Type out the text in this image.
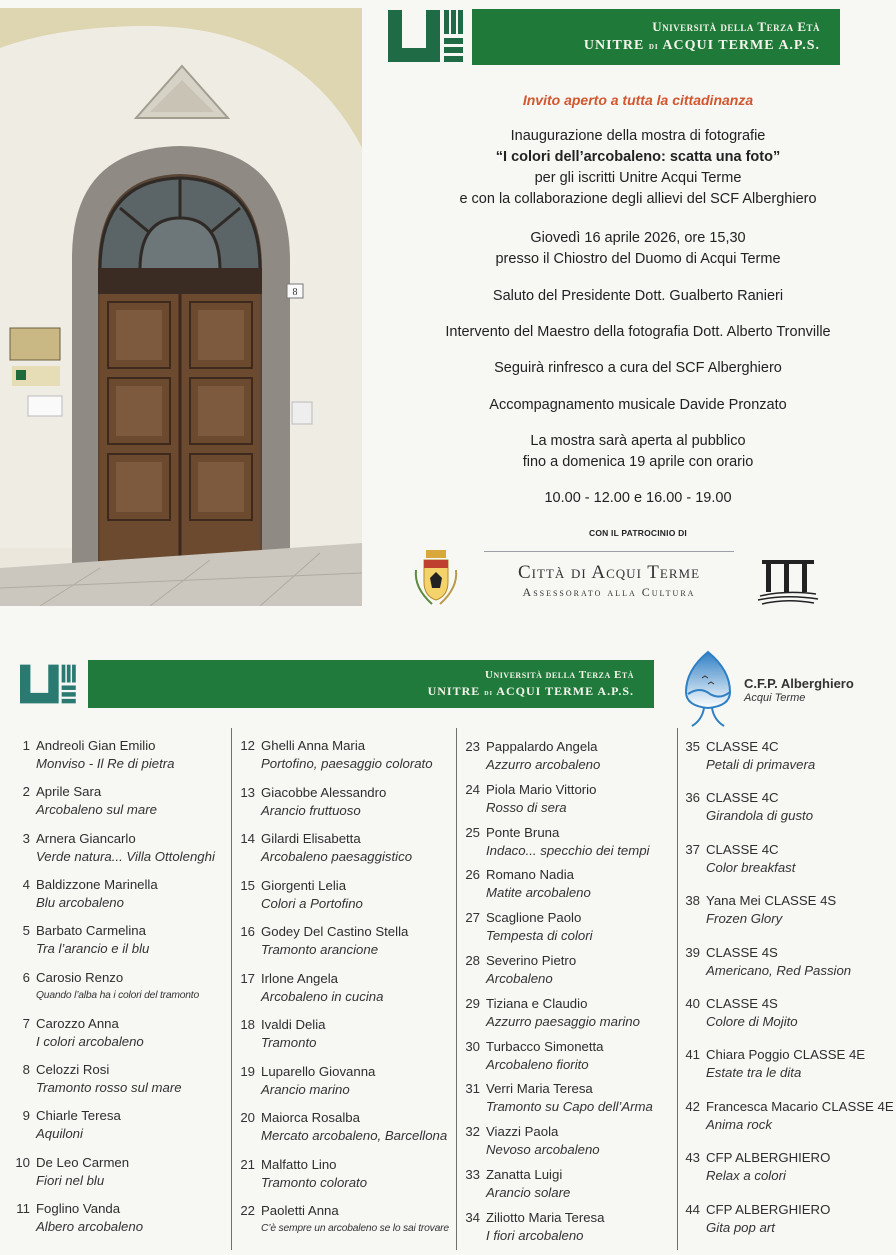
8
Università della Terza Età
UNITRE di ACQUI TERME A.P.S.
Invito aperto a tutta la cittadinanza
Inaugurazione della mostra di fotografie
“I colori dell’arcobaleno: scatta una foto”
per gli iscritti Unitre Acqui Terme
e con la collaborazione degli allievi del SCF Alberghiero
Giovedì 16 aprile 2026, ore 15,30
presso il Chiostro del Duomo di Acqui Terme
Saluto del Presidente Dott. Gualberto Ranieri
Intervento del Maestro della fotografia Dott. Alberto Tronville
Seguirà rinfresco a cura del SCF Alberghiero
Accompagnamento musicale Davide Pronzato
La mostra sarà aperta al pubblico
fino a domenica 19 aprile con orario
10.00 - 12.00 e 16.00 - 19.00
CON IL PATROCINIO DI
Città di Acqui Terme
Assessorato alla Cultura
Università della Terza Età
UNITRE di ACQUI TERME A.P.S.	C.F.P. Alberghiero
Acqui Terme
1 Andreoli Gian Emilio
Monviso - Il Re di pietra
2 Aprile Sara
Arcobaleno sul mare
3 Arnera Giancarlo
Verde natura... Villa Ottolenghi
4 Baldizzone Marinella
Blu arcobaleno
5 Barbato Carmelina
Tra l’arancio e il blu
6 Carosio Renzo
Quando l’alba ha i colori del tramonto
7 Carozzo Anna
I colori arcobaleno
8 Celozzi Rosi
Tramonto rosso sul mare
9 Chiarle Teresa
Aquiloni
10 De Leo Carmen
Fiori nel blu
11 Foglino Vanda
Albero arcobaleno
12 Ghelli Anna Maria
Portofino, paesaggio colorato
13 Giacobbe Alessandro
Arancio fruttuoso
14 Gilardi Elisabetta
Arcobaleno paesaggistico
15 Giorgenti Lelia
Colori a Portofino
16 Godey Del Castino Stella
Tramonto arancione
17 Irlone Angela
Arcobaleno in cucina
18 Ivaldi Delia
Tramonto
19 Luparello Giovanna
Arancio marino
20 Maiorca Rosalba
Mercato arcobaleno, Barcellona
21 Malfatto Lino
Tramonto colorato
22 Paoletti Anna
C’è sempre un arcobaleno se lo sai trovare
23 Pappalardo Angela
Azzurro arcobaleno
24 Piola Mario Vittorio
Rosso di sera
25 Ponte Bruna
Indaco... specchio dei tempi
26 Romano Nadia
Matite arcobaleno
27 Scaglione Paolo
Tempesta di colori
28 Severino Pietro
Arcobaleno
29 Tiziana e Claudio
Azzurro paesaggio marino
30 Turbacco Simonetta
Arcobaleno fiorito
31 Verri Maria Teresa
Tramonto su Capo dell’Arma
32 Viazzi Paola
Nevoso arcobaleno
33 Zanatta Luigi
Arancio solare
34 Ziliotto Maria Teresa
I fiori arcobaleno
35 CLASSE 4C
Petali di primavera
36 CLASSE 4C
Girandola di gusto
37 CLASSE 4C
Color breakfast
38 Yana Mei CLASSE 4S
Frozen Glory
39 CLASSE 4S
Americano, Red Passion
40 CLASSE 4S
Colore di Mojito
41 Chiara Poggio CLASSE 4E
Estate tra le dita
42 Francesca Macario CLASSE 4E
Anima rock
43 CFP ALBERGHIERO
Relax a colori
44 CFP ALBERGHIERO
Gita pop art
